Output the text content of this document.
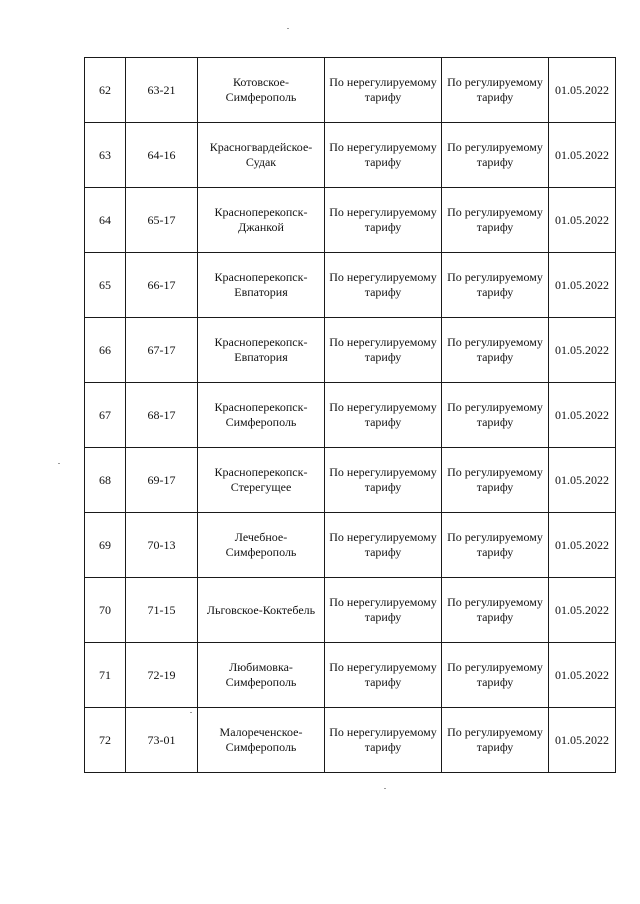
62	63-21	Котовское-Симферополь	По нерегулируемому тарифу	По регулируемому тарифу	01.05.2022
63	64-16	Красногвардейское-Судак	По нерегулируемому тарифу	По регулируемому тарифу	01.05.2022
64	65-17	Красноперекопск-Джанкой	По нерегулируемому тарифу	По регулируемому тарифу	01.05.2022
65	66-17	Красноперекопск-Евпатория	По нерегулируемому тарифу	По регулируемому тарифу	01.05.2022
66	67-17	Красноперекопск-Евпатория	По нерегулируемому тарифу	По регулируемому тарифу	01.05.2022
67	68-17	Красноперекопск-Симферополь	По нерегулируемому тарифу	По регулируемому тарифу	01.05.2022
68	69-17	Красноперекопск-Стерегущее	По нерегулируемому тарифу	По регулируемому тарифу	01.05.2022
69	70-13	Лечебное-Симферополь	По нерегулируемому тарифу	По регулируемому тарифу	01.05.2022
70	71-15	Льговское-Коктебель	По нерегулируемому тарифу	По регулируемому тарифу	01.05.2022
71	72-19	Любимовка-Симферополь	По нерегулируемому тарифу	По регулируемому тарифу	01.05.2022
72	73-01	Малореченское-Симферополь	По нерегулируемому тарифу	По регулируемому тарифу	01.05.2022
